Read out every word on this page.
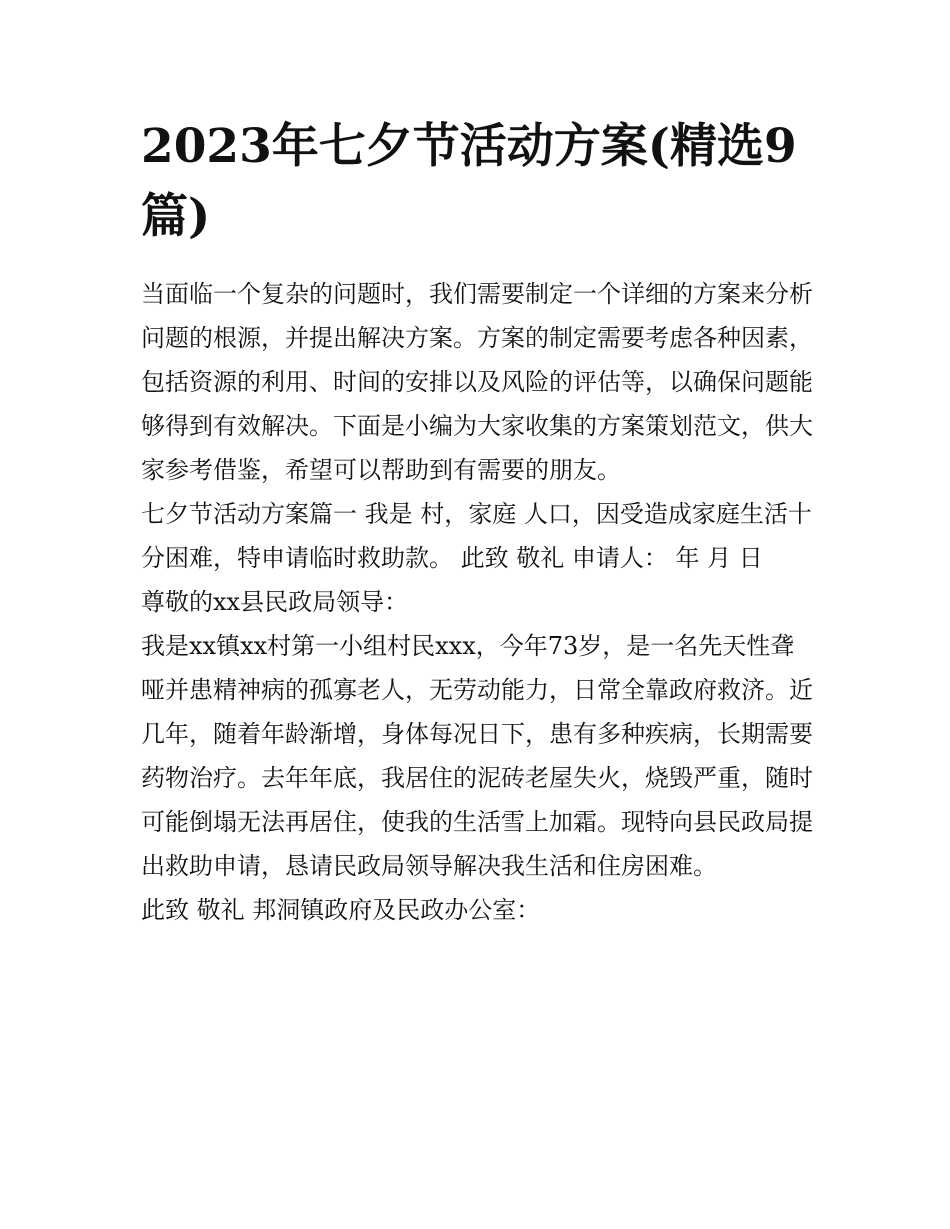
2023年七夕节活动方案(精选9篇)

当面临一个复杂的问题时，我们需要制定一个详细的方案来分析问题的根源，并提出解决方案。方案的制定需要考虑各种因素，包括资源的利用、时间的安排以及风险的评估等，以确保问题能够得到有效解决。下面是小编为大家收集的方案策划范文，供大家参考借鉴，希望可以帮助到有需要的朋友。

七夕节活动方案篇一 我是 村，家庭 人口，因受造成家庭生活十分困难，特申请临时救助款。 此致 敬礼 申请人： 年 月 日

尊敬的xx县民政局领导：

我是xx镇xx村第一小组村民xxx，今年73岁，是一名先天性聋哑并患精神病的孤寡老人，无劳动能力，日常全靠政府救济。近几年，随着年龄渐增，身体每况日下，患有多种疾病，长期需要药物治疗。去年年底，我居住的泥砖老屋失火，烧毁严重，随时可能倒塌无法再居住，使我的生活雪上加霜。现特向县民政局提出救助申请，恳请民政局领导解决我生活和住房困难。

此致 敬礼 邦洞镇政府及民政办公室：
